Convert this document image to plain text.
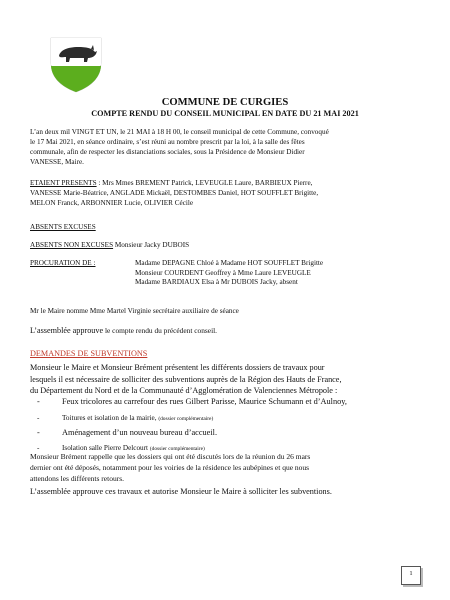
COMMUNE DE CURGIES
COMPTE RENDU DU CONSEIL MUNICIPAL EN DATE DU 21 MAI 2021
L’an deux mil VINGT ET UN, le 21 MAI à 18 H 00, le conseil municipal de cette Commune, convoqué
le 17 Mai 2021, en séance ordinaire, s’est réuni au nombre prescrit par la loi, à la salle des fêtes
communale, afin de respecter les distanciations sociales, sous la Présidence de Monsieur Didier
VANESSE, Maire.
ETAIENT PRESENTS : Mrs Mmes BREMENT Patrick, LEVEUGLE Laure, BARBIEUX Pierre,
VANESSE Marie-Béatrice, ANGLADE Mickaël, DESTOMBES Daniel, HOT SOUFFLET Brigitte,
MELON Franck, ARBONNIER Lucie, OLIVIER Cécile
ABSENTS EXCUSES
ABSENTS NON EXCUSES Monsieur Jacky DUBOIS
PROCURATION DE :	Madame DEPAGNE Chloé à Madame HOT SOUFFLET Brigitte
Monsieur COURDENT Geoffrey à Mme Laure LEVEUGLE
Madame BARDIAUX Elsa à Mr DUBOIS Jacky, absent
Mr le Maire nomme Mme Martel Virginie secrétaire auxiliaire de séance
L’assemblée approuve le compte rendu du précédent conseil.
DEMANDES DE SUBVENTIONS
Monsieur le Maire et Monsieur Brément présentent les différents dossiers de travaux pour
lesquels il est nécessaire de solliciter des subventions auprès de la Région des Hauts de France,
du Département du Nord et de la Communauté d’Agglomération de Valenciennes Métropole :
-	Feux tricolores au carrefour des rues Gilbert Parisse, Maurice Schumann et d’Aulnoy,
-	Toitures et isolation de la mairie, (dossier complémentaire)
-	Aménagement d’un nouveau bureau d’accueil.
-	Isolation salle Pierre Delcourt (dossier complémentaire)
Monsieur Brément rappelle que les dossiers qui ont été discutés lors de la réunion du 26 mars
dernier ont été déposés, notamment pour les voiries de la résidence les aubépines et que nous
attendons les différents retours.
L’assemblée approuve ces travaux et autorise Monsieur le Maire à solliciter les subventions.
1
